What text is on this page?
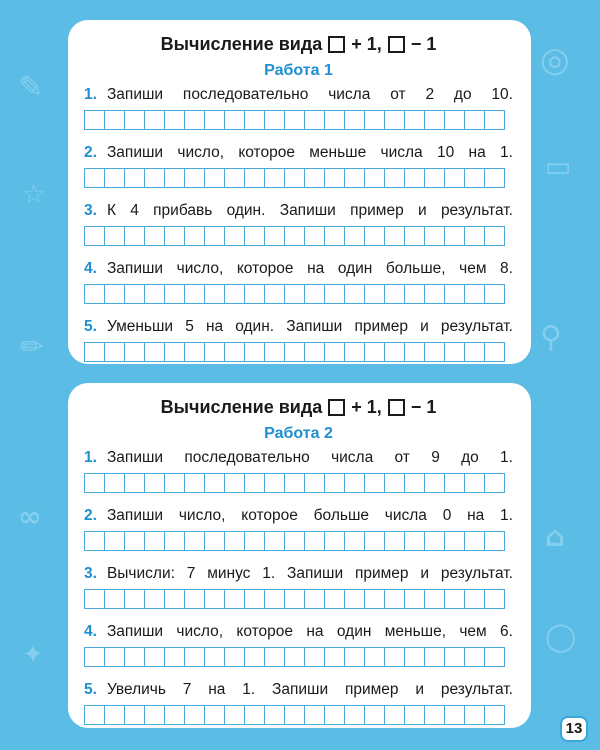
✎
◎
☆
▭
⚲
✏
⌂
∞
✦
◯
Вычисление вида + 1, − 1
Работа 1
1. Запиши последовательно числа от 2 до 10.
2. Запиши число, которое меньше числа 10 на 1.
3. К 4 прибавь один. Запиши пример и результат.
4. Запиши число, которое на один больше, чем 8.
5. Уменьши 5 на один. Запиши пример и результат.
Вычисление вида + 1, − 1
Работа 2
1. Запиши последовательно числа от 9 до 1.
2. Запиши число, которое больше числа 0 на 1.
3. Вычисли: 7 минус 1. Запиши пример и результат.
4. Запиши число, которое на один меньше, чем 6.
5. Увеличь 7 на 1. Запиши пример и результат.
13
